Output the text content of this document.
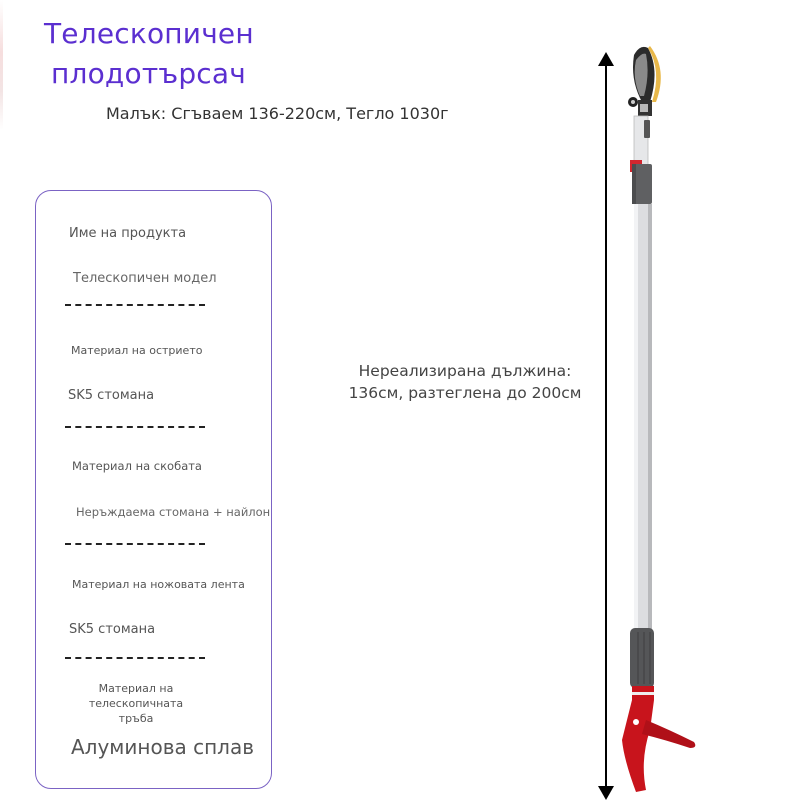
Телескопичен
плодотърсач
Малък: Сгъваем 136-220см, Тегло 1030г
Име на продукта
Телескопичен модел
Материал на острието
SK5 стомана
Материал на скобата
Неръждаема стомана + найлон
Материал на ножовата лента
SK5 стомана
Материал на
телескопичната
тръба
Алуминова сплав
Нереализирана дължина:
136см, разтеглена до 200см
